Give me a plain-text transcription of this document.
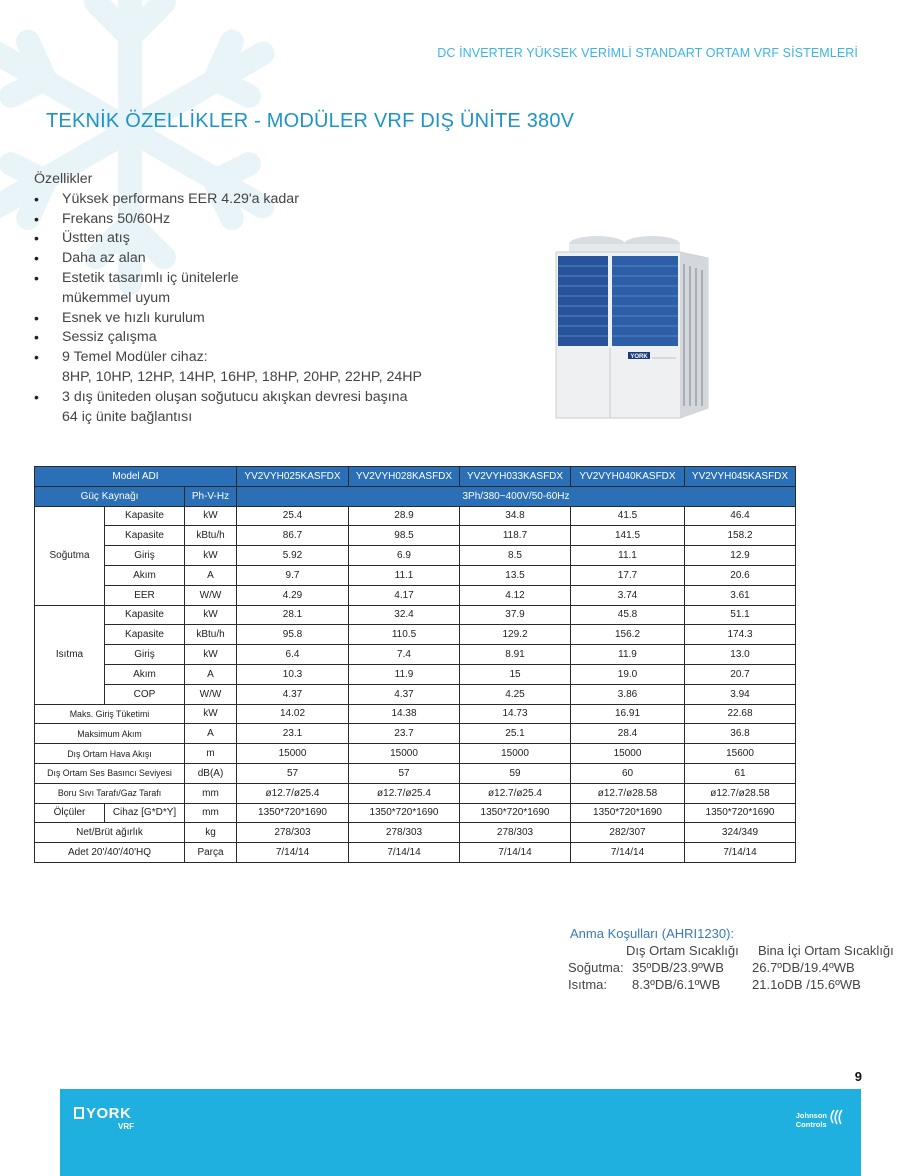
DC İNVERTER YÜKSEK VERİMLİ STANDART ORTAM VRF SİSTEMLERİ
TEKNİK ÖZELLİKLER - MODÜLER VRF DIŞ ÜNİTE 380V
Özellikler
• Yüksek performans EER 4.29'a kadar
• Frekans 50/60Hz
• Üstten atış
• Daha az alan
• Estetik tasarımlı iç ünitelerle
mükemmel uyum
• Esnek ve hızlı kurulum
• Sessiz çalışma
• 9 Temel Modüler cihaz:
8HP, 10HP, 12HP, 14HP, 16HP, 18HP, 20HP, 22HP, 24HP
• 3 dış üniteden oluşan soğutucu akışkan devresi başına
64 iç ünite bağlantısı
YORK
Model ADI			YV2VYH025KASFDX	YV2VYH028KASFDX	YV2VYH033KASFDX	YV2VYH040KASFDX	YV2VYH045KASFDX
Güç Kaynağı		Ph-V-Hz	3Ph/380~400V/50-60Hz				
Soğutma	Kapasite	kW	25.4	28.9	34.8	41.5	46.4
	Kapasite	kBtu/h	86.7	98.5	118.7	141.5	158.2
	Giriş	kW	5.92	6.9	8.5	11.1	12.9
	Akım	A	9.7	11.1	13.5	17.7	20.6
	EER	W/W	4.29	4.17	4.12	3.74	3.61
Isıtma	Kapasite	kW	28.1	32.4	37.9	45.8	51.1
	Kapasite	kBtu/h	95.8	110.5	129.2	156.2	174.3
	Giriş	kW	6.4	7.4	8.91	11.9	13.0
	Akım	A	10.3	11.9	15	19.0	20.7
	COP	W/W	4.37	4.37	4.25	3.86	3.94
Maks. Giriş Tüketimi		kW	14.02	14.38	14.73	16.91	22.68
Maksimum Akım		A	23.1	23.7	25.1	28.4	36.8
Dış Ortam Hava Akışı		m	15000	15000	15000	15000	15600
Dış Ortam Ses Basıncı Seviyesi		dB(A)	57	57	59	60	61
Boru Sıvı Tarafı/Gaz Tarafı		mm	ø12.7/ø25.4	ø12.7/ø25.4	ø12.7/ø25.4	ø12.7/ø28.58	ø12.7/ø28.58
Ölçüler	Cihaz [G*D*Y]	mm	1350*720*1690	1350*720*1690	1350*720*1690	1350*720*1690	1350*720*1690
Net/Brüt ağırlık		kg	278/303	278/303	278/303	282/307	324/349
Adet 20'/40'/40'HQ		Parça	7/14/14	7/14/14	7/14/14	7/14/14	7/14/14
Anma Koşulları (AHRI1230):
Dış Ortam Sıcaklığı Bina İçi Ortam Sıcaklığı
Soğutma: 35ºDB/23.9ºWB 26.7ºDB/19.4ºWB
Isıtma: 8.3ºDB/6.1ºWB 21.1oDB /15.6ºWB
9
YORK
VRF
Johnson
Controls
